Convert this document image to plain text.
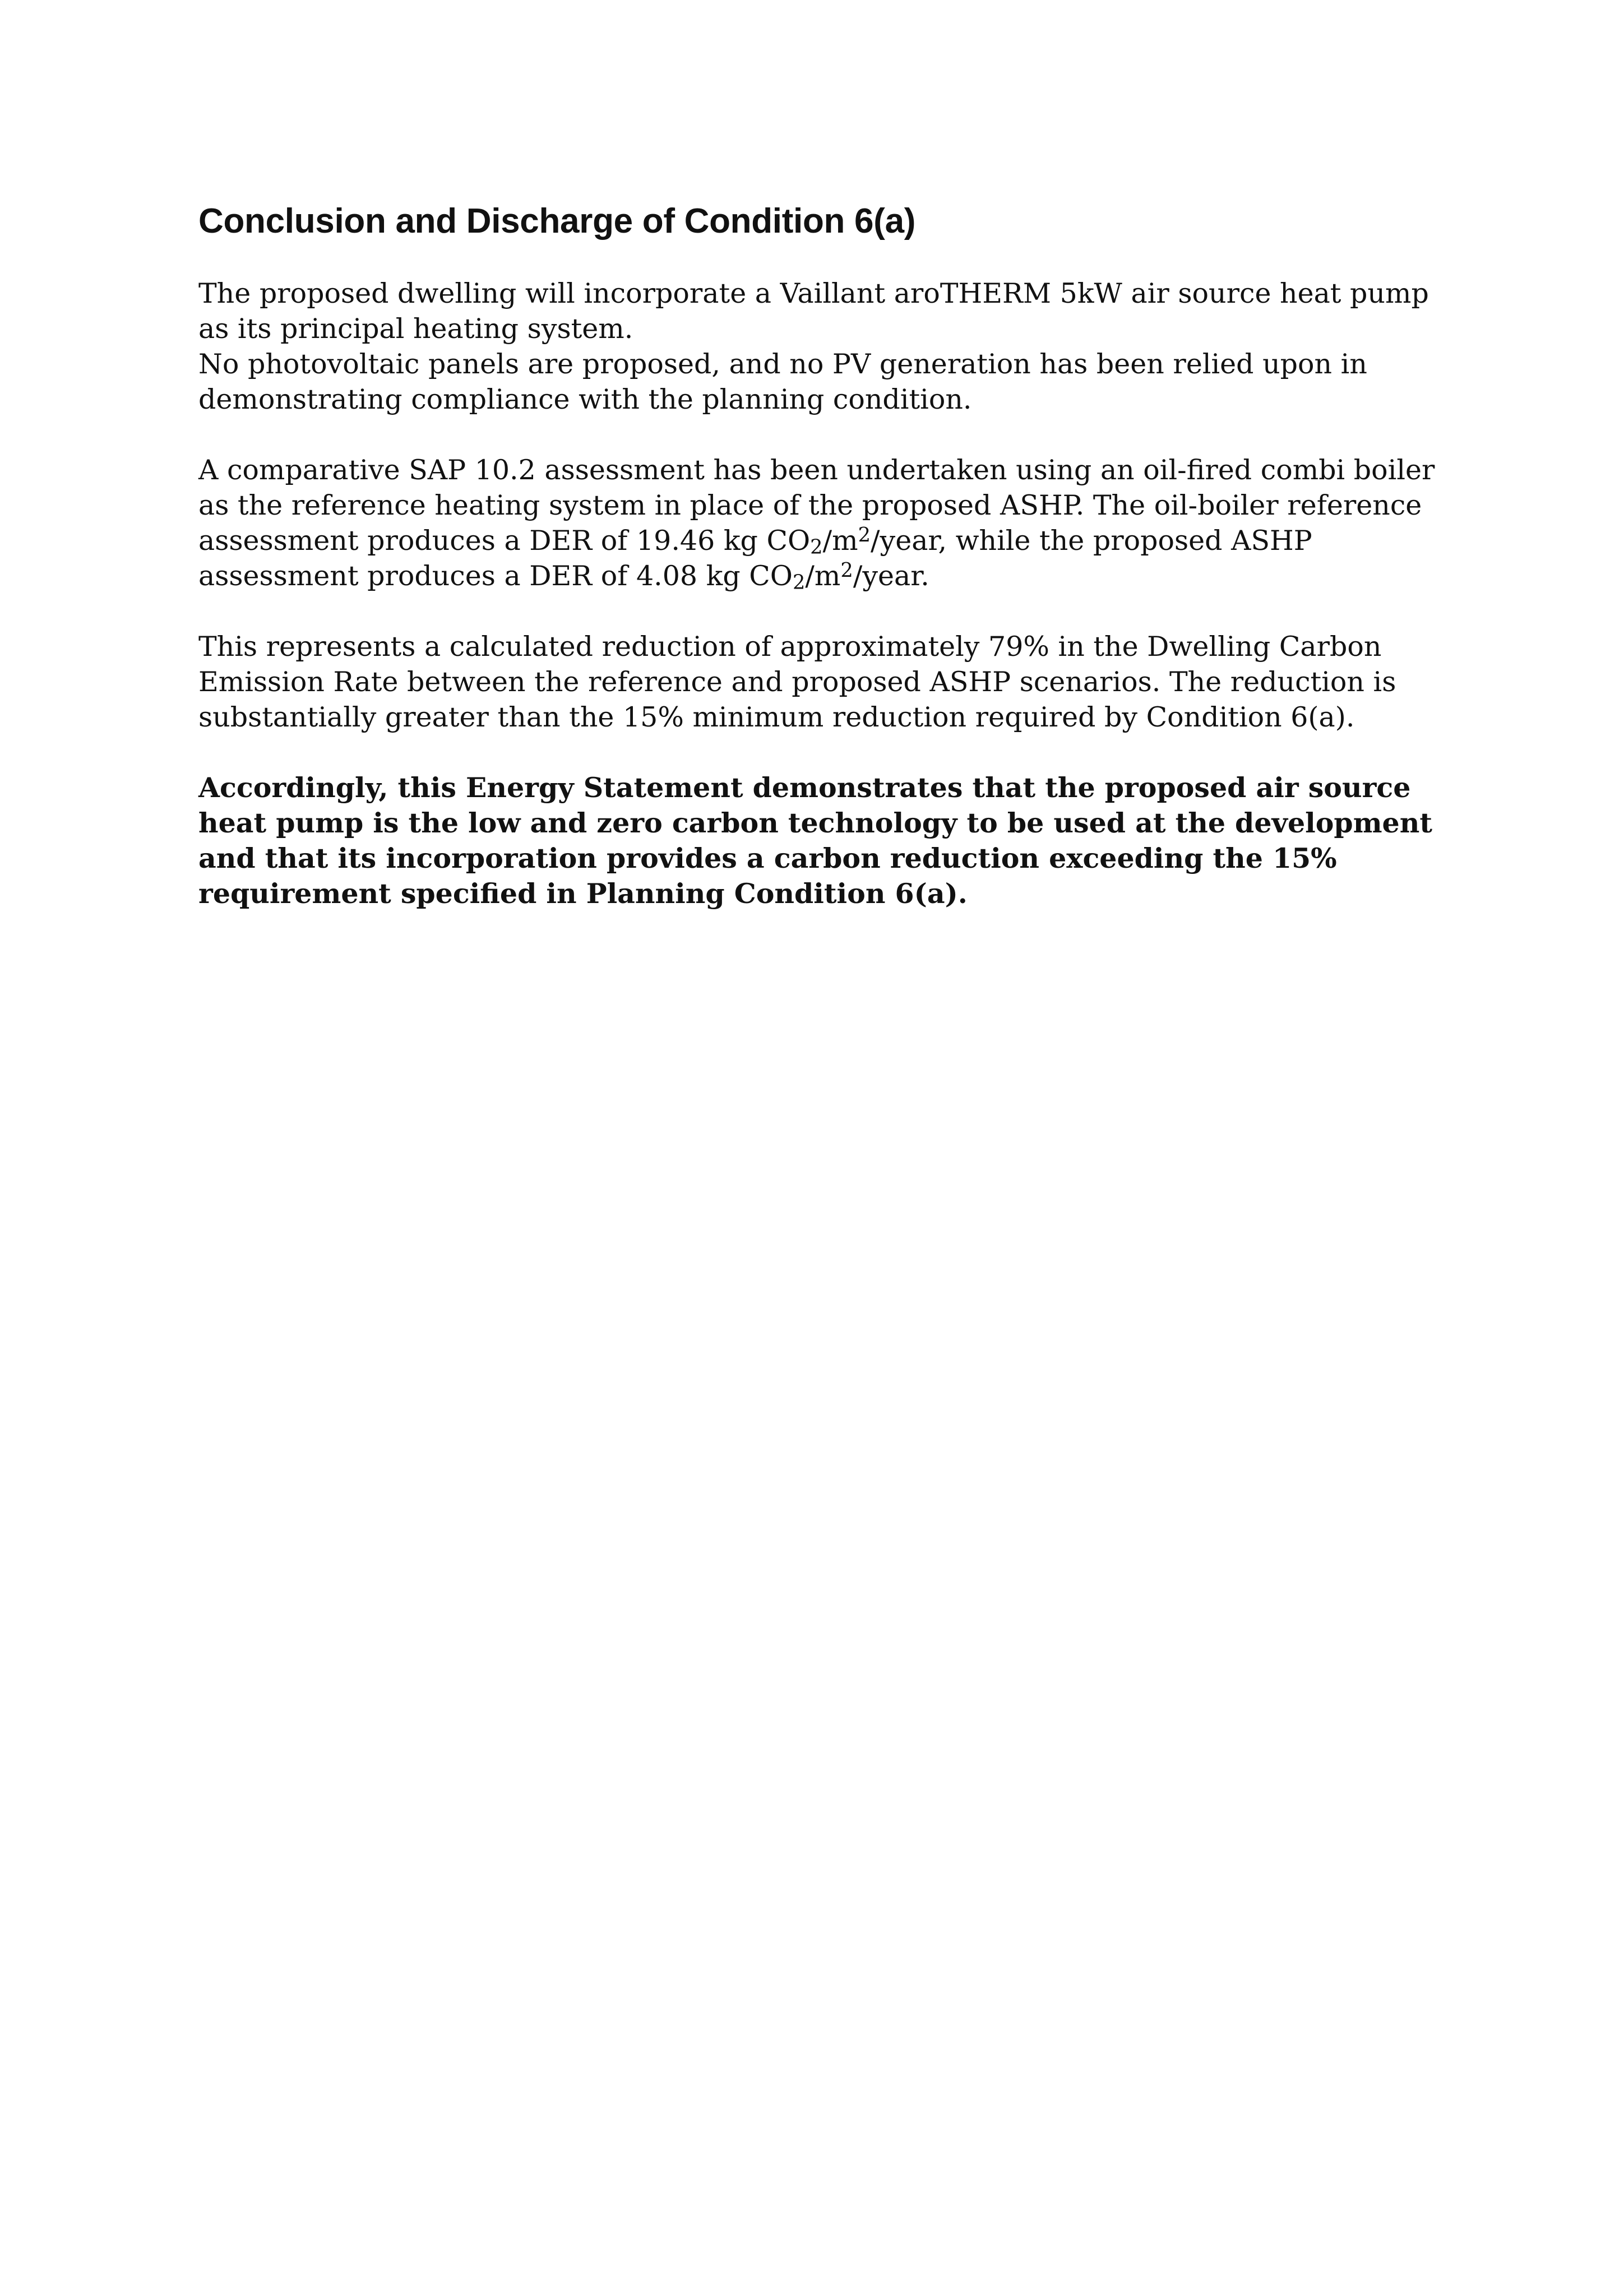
Conclusion and Discharge of Condition 6(a)

The proposed dwelling will incorporate a Vaillant aroTHERM 5kW air source heat pump as its principal heating system.

No photovoltaic panels are proposed, and no PV generation has been relied upon in demonstrating compliance with the planning condition.

A comparative SAP 10.2 assessment has been undertaken using an oil-fired combi boiler as the reference heating system in place of the proposed ASHP. The oil-boiler reference assessment produces a DER of 19.46 kg $CO2/m^2$/year, while the proposed ASHP assessment produces a DER of 4.08 kg $CO2/m^2$/year.

This represents a calculated reduction of approximately 79% in the Dwelling Carbon Emission Rate between the reference and proposed ASHP scenarios. The reduction is substantially greater than the 15% minimum reduction required by Condition 6(a).

Accordingly, this Energy Statement demonstrates that the proposed air source heat pump is the low and zero carbon technology to be used at the development and that its incorporation provides a carbon reduction exceeding the 15% requirement specified in Planning Condition 6(a).
